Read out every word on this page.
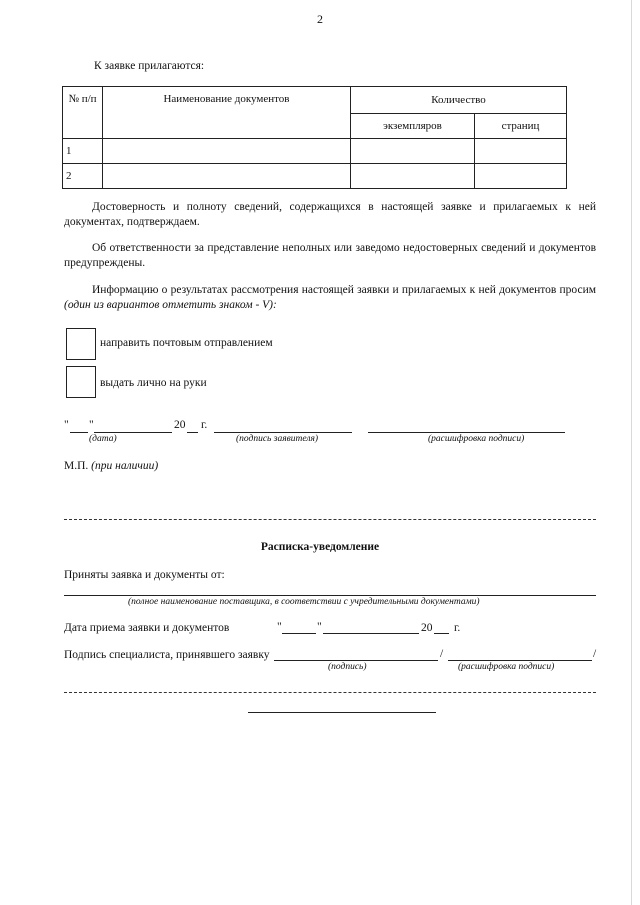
2
К заявке прилагаются:
№ п/п	Наименование документов	Количество	
		экземпляров	страниц
1			
2			
Достоверность и полноту сведений, содержащихся в настоящей заявке и прилагаемых к ней документах, подтверждаем.
Об ответственности за представление неполных или заведомо недостоверных сведений и документов предупреждены.
Информацию о результатах рассмотрения настоящей заявки и прилагаемых к ней документов просим (один из вариантов отметить знаком - V):
направить почтовым отправлением
выдать лично на руки
" "	20 г.
(дата)	(подпись заявителя)	(расшифровка подписи)
М.П. (при наличии)
Расписка-уведомление
Приняты заявка и документы от:
(полное наименование поставщика, в соответствии с учредительными документами)
Дата приема заявки и документов	"	"	20 г.
Подпись специалиста, принявшего заявку	/	/
(подпись)	(расшифровка подписи)
